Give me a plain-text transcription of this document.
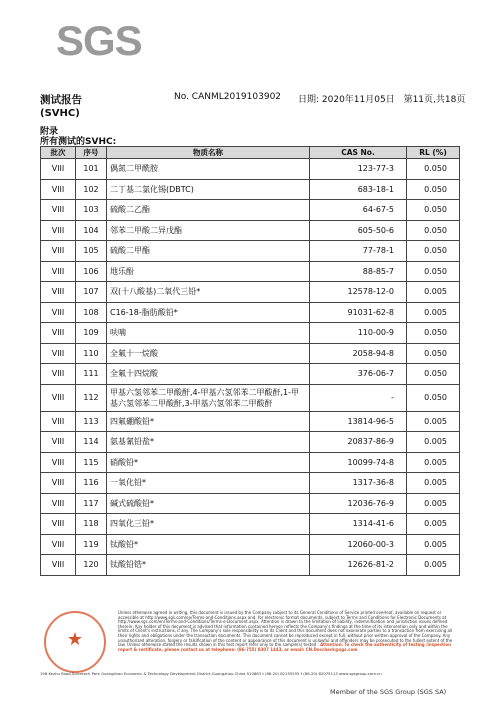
SGS
测试报告	No. CANML2019103902 日期: 2020年11月05日 第11页,共18页
(SVHC)
附录
所有测试的SVHC:
批次	序号	物质名称	CAS No.	RL (%)
VIII	101	偶氮二甲酰胺	123-77-3	0.050
VIII	102	二丁基二氯化锡(DBTC)	683-18-1	0.050
VIII	103	硫酸二乙酯	64-67-5	0.050
VIII	104	邻苯二甲酸二异戊酯	605-50-6	0.050
VIII	105	硫酸二甲酯	77-78-1	0.050
VIII	106	地乐酚	88-85-7	0.050
VIII	107	双(十八酸基)二氧代三铅*	12578-12-0	0.005
VIII	108	C16-18-脂肪酸铅*	91031-62-8	0.005
VIII	109	呋喃	110-00-9	0.050
VIII	110	全氟十一烷酸	2058-94-8	0.050
VIII	111	全氟十四烷酸	376-06-7	0.050
VIII	112	甲基六氢邻苯二甲酸酐,4-甲基六氢邻苯二甲酸酐,1-甲基六氢邻苯二甲酸酐,3-甲基六氢邻苯二甲酸酐	-	0.050
VIII	113	四氟硼酸铅*	13814-96-5	0.005
VIII	114	氨基氰铅盐*	20837-86-9	0.005
VIII	115	硝酸铅*	10099-74-8	0.005
VIII	116	一氧化铅*	1317-36-8	0.005
VIII	117	碱式硫酸铅*	12036-76-9	0.005
VIII	118	四氧化三铅*	1314-41-6	0.005
VIII	119	钛酸铅*	12060-00-3	0.005
VIII	120	钛酸铅锆*	12626-81-2	0.005
★
Unless otherwise agreed in writing, this document is issued by the Company subject to its General Conditions of Service printed overleaf, available on request or accessible at http://www.sgs.com/en/Terms-and-Conditions.aspx and, for electronic format documents, subject to Terms and Conditions for Electronic Documents at http://www.sgs.com/en/Terms-and-Conditions/Terms-e-Document.aspx. Attention is drawn to the limitation of liability, indemnification and jurisdiction issues defined therein. Any holder of this document is advised that information contained hereon reflects the Company's findings at the time of its intervention only and within the limits of Client's instructions, if any. The Company's sole responsibility is to its Client and this document does not exonerate parties to a transaction from exercising all their rights and obligations under the transaction documents. This document cannot be reproduced except in full, without prior written approval of the Company. Any unauthorized alteration, forgery or falsification of the content or appearance of this document is unlawful and offenders may be prosecuted to the fullest extent of the law. Unless otherwise stated the results shown in this test report refer only to the sample(s) tested . Attention: To check the authenticity of testing /inspection report & certificate, please contact us at telephone: (86-755) 8307 1443, or email: CN.Doccheck@sgs.com
198 Kezhu Road,Scientech Park Guangzhou Economic & Technology Development District,Guangzhou,China 510663 t (86-20) 82155555 f (86-20) 82075113 www.sgsgroup.com.cn
Member of the SGS Group (SGS SA)
